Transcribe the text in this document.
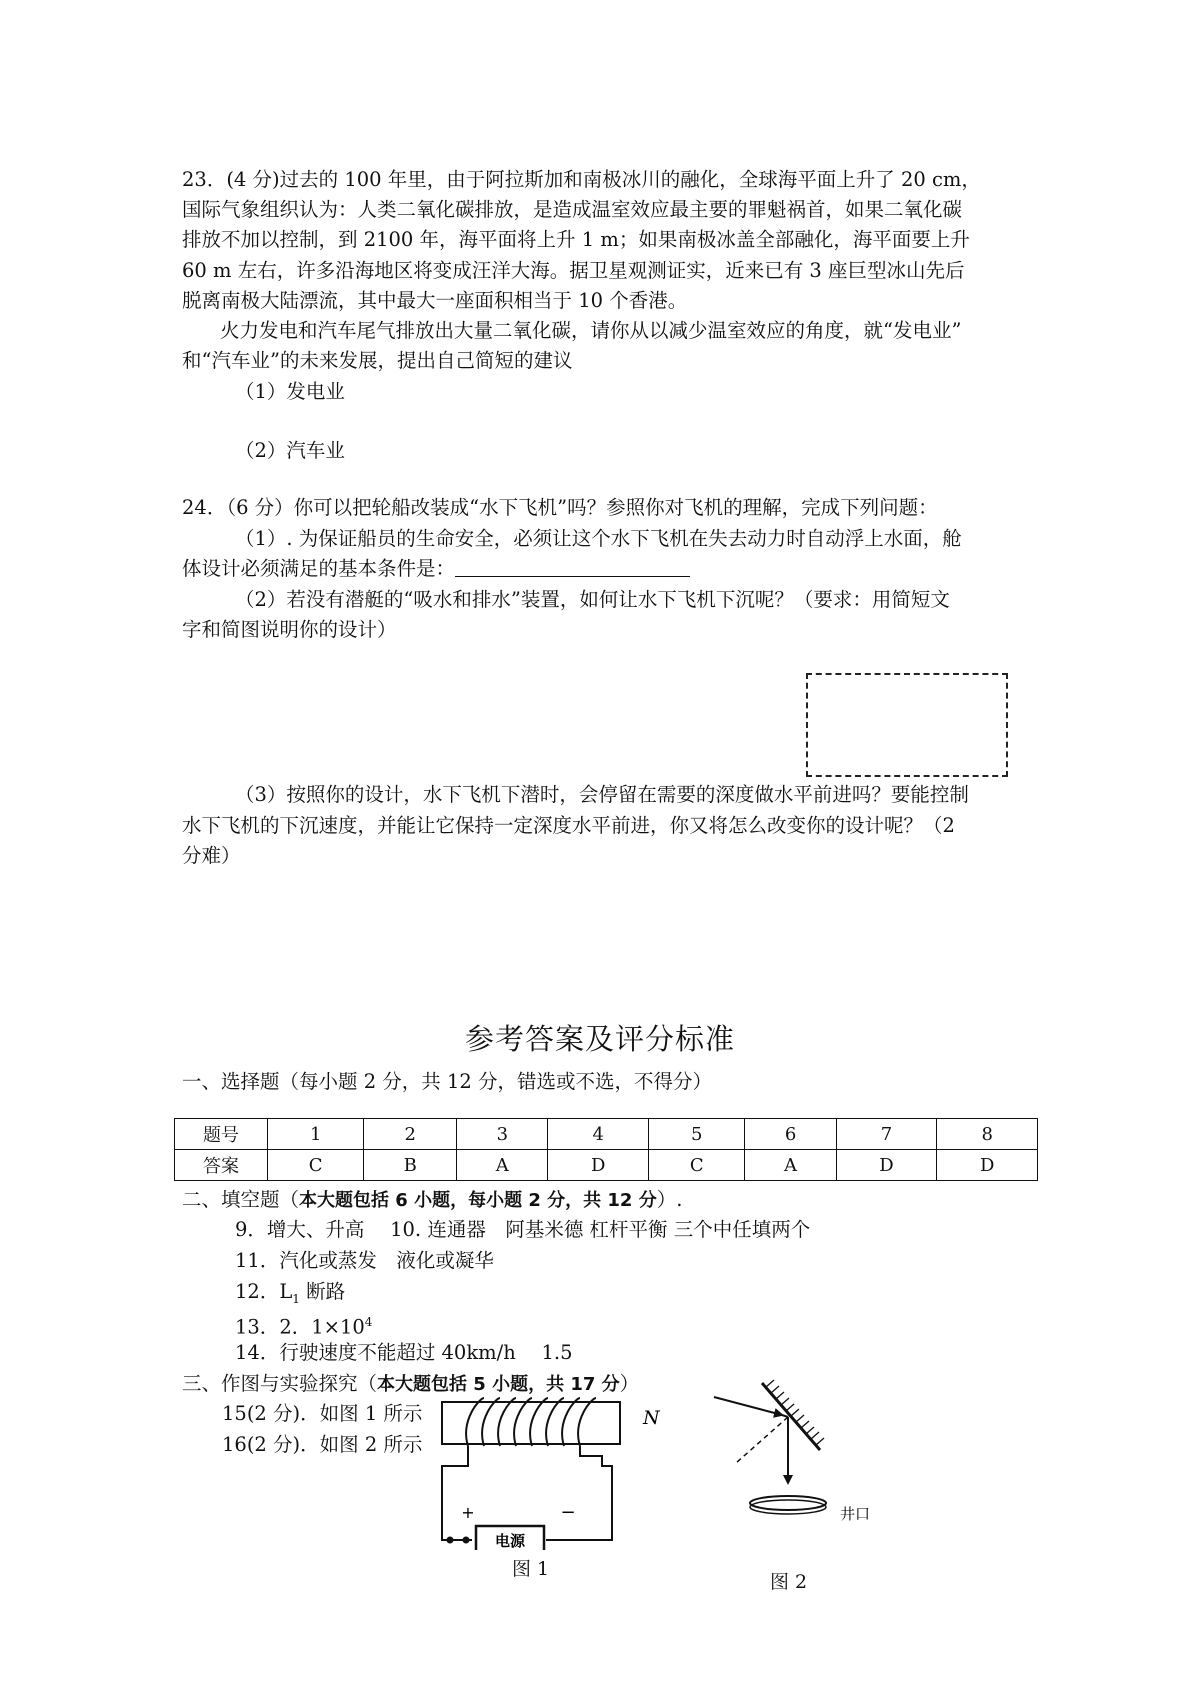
23．(4 分)过去的 100 年里，由于阿拉斯加和南极冰川的融化，全球海平面上升了 20 cm，
国际气象组织认为：人类二氧化碳排放，是造成温室效应最主要的罪魁祸首，如果二氧化碳
排放不加以控制，到 2100 年，海平面将上升 1 m；如果南极冰盖全部融化，海平面要上升
60 m 左右，许多沿海地区将变成汪洋大海。据卫星观测证实，近来已有 3 座巨型冰山先后
脱离南极大陆漂流，其中最大一座面积相当于 10 个香港。
火力发电和汽车尾气排放出大量二氧化碳，请你从以减少温室效应的角度，就“发电业”
和“汽车业”的未来发展，提出自己简短的建议
（1）发电业
（2）汽车业
24．（6 分）你可以把轮船改装成“水下飞机”吗？参照你对飞机的理解，完成下列问题：
（1）. 为保证船员的生命安全，必须让这个水下飞机在失去动力时自动浮上水面，舱
体设计必须满足的基本条件是：
（2）若没有潜艇的“吸水和排水”装置，如何让水下飞机下沉呢？（要求：用简短文
字和简图说明你的设计）
（3）按照你的设计，水下飞机下潜时，会停留在需要的深度做水平前进吗？要能控制
水下飞机的下沉速度，并能让它保持一定深度水平前进，你又将怎么改变你的设计呢？（2
分难）
参考答案及评分标准
一、选择题（每小题 2 分，共 12 分，错选或不选，不得分）
题号	1	2	3	4	5	6	7	8
答案	C	B	A	D	C	A	D	D
二、填空题（本大题包括 6 小题，每小题 2 分，共 12 分）.
9．增大、升高　 10. 连通器　阿基米德 杠杆平衡 三个中任填两个
11．汽化或蒸发　液化或凝华
12．$L_1$ 断路
13．2．$1\times 10^4$
14．行驶速度不能超过 40km/h　 1.5
三、作图与实验探究（本大题包括 5 小题，共 17 分）
15(2 分)．如图 1 所示
16(2 分)．如图 2 所示
电源
+	−
N
图 1
井口
图 2
